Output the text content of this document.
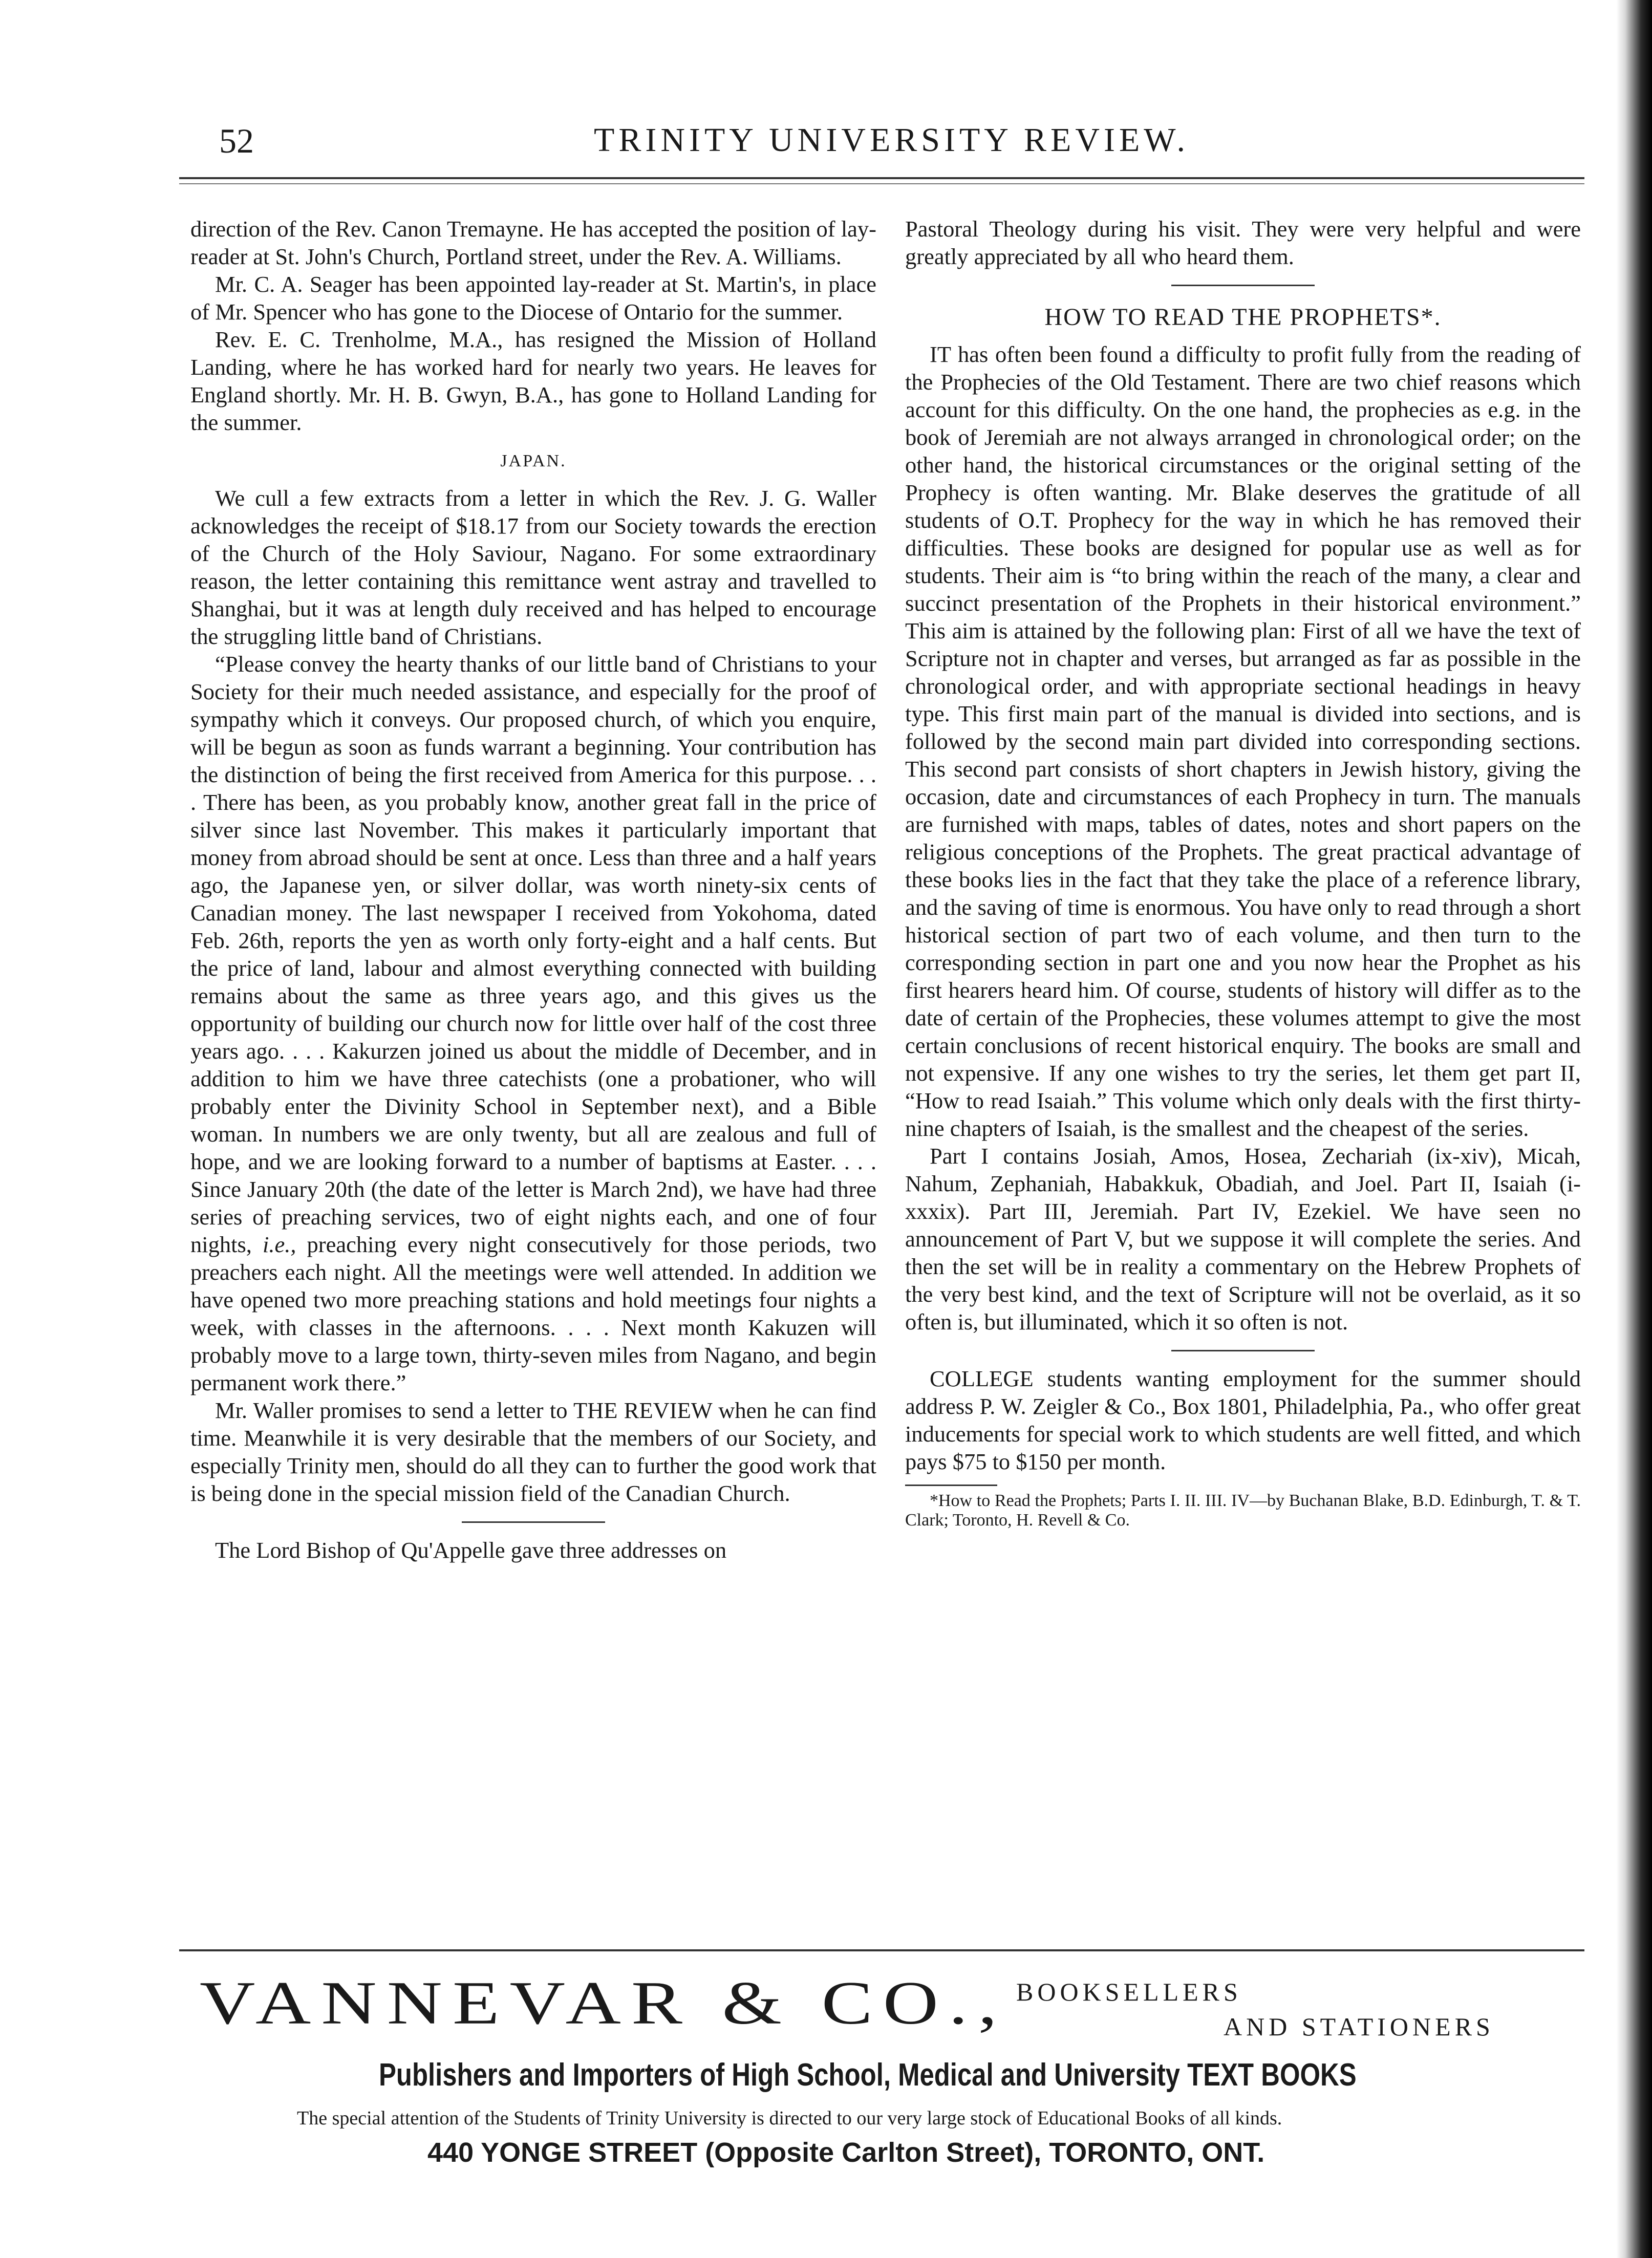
52	TRINITY UNIVERSITY REVIEW.

direction of the Rev. Canon Tremayne. He has accepted the position of lay-reader at St. John's Church, Portland street, under the Rev. A. Williams.

Mr. C. A. Seager has been appointed lay-reader at St. Martin's, in place of Mr. Spencer who has gone to the Diocese of Ontario for the summer.

Rev. E. C. Trenholme, M.A., has resigned the Mission of Holland Landing, where he has worked hard for nearly two years. He leaves for England shortly. Mr. H. B. Gwyn, B.A., has gone to Holland Landing for the summer.

JAPAN.

We cull a few extracts from a letter in which the Rev. J. G. Waller acknowledges the receipt of $18.17 from our Society towards the erection of the Church of the Holy Saviour, Nagano. For some extraordinary reason, the letter containing this remittance went astray and travelled to Shanghai, but it was at length duly received and has helped to encourage the struggling little band of Christians.

“Please convey the hearty thanks of our little band of Christians to your Society for their much needed assistance, and especially for the proof of sympathy which it conveys. Our proposed church, of which you enquire, will be begun as soon as funds warrant a beginning. Your contribution has the distinction of being the first received from America for this purpose. . . . There has been, as you probably know, another great fall in the price of silver since last November. This makes it particularly important that money from abroad should be sent at once. Less than three and a half years ago, the Japanese yen, or silver dollar, was worth ninety-six cents of Canadian money. The last newspaper I received from Yokohoma, dated Feb. 26th, reports the yen as worth only forty-eight and a half cents. But the price of land, labour and almost everything connected with building remains about the same as three years ago, and this gives us the opportunity of building our church now for little over half of the cost three years ago. . . . Kakurzen joined us about the middle of December, and in addition to him we have three catechists (one a probationer, who will probably enter the Divinity School in September next), and a Bible woman. In numbers we are only twenty, but all are zealous and full of hope, and we are looking forward to a number of baptisms at Easter. . . . Since January 20th (the date of the letter is March 2nd), we have had three series of preaching services, two of eight nights each, and one of four nights, i.e., preaching every night consecutively for those periods, two preachers each night. All the meetings were well attended. In addition we have opened two more preaching stations and hold meetings four nights a week, with classes in the afternoons. . . . Next month Kakuzen will probably move to a large town, thirty-seven miles from Nagano, and begin permanent work there.”

Mr. Waller promises to send a letter to THE REVIEW when he can find time. Meanwhile it is very desirable that the members of our Society, and especially Trinity men, should do all they can to further the good work that is being done in the special mission field of the Canadian Church.

The Lord Bishop of Qu'Appelle gave three addresses on

Pastoral Theology during his visit. They were very helpful and were greatly appreciated by all who heard them.

HOW TO READ THE PROPHETS*.

IT has often been found a difficulty to profit fully from the reading of the Prophecies of the Old Testament. There are two chief reasons which account for this difficulty. On the one hand, the prophecies as e.g. in the book of Jeremiah are not always arranged in chronological order; on the other hand, the historical circumstances or the original setting of the Prophecy is often wanting. Mr. Blake deserves the gratitude of all students of O.T. Prophecy for the way in which he has removed their difficulties. These books are designed for popular use as well as for students. Their aim is “to bring within the reach of the many, a clear and succinct presentation of the Prophets in their historical environment.” This aim is attained by the following plan: First of all we have the text of Scripture not in chapter and verses, but arranged as far as possible in the chronological order, and with appropriate sectional headings in heavy type. This first main part of the manual is divided into sections, and is followed by the second main part divided into corresponding sections. This second part consists of short chapters in Jewish history, giving the occasion, date and circumstances of each Prophecy in turn. The manuals are furnished with maps, tables of dates, notes and short papers on the religious conceptions of the Prophets. The great practical advantage of these books lies in the fact that they take the place of a reference library, and the saving of time is enormous. You have only to read through a short historical section of part two of each volume, and then turn to the corresponding section in part one and you now hear the Prophet as his first hearers heard him. Of course, students of history will differ as to the date of certain of the Prophecies, these volumes attempt to give the most certain conclusions of recent historical enquiry. The books are small and not expensive. If any one wishes to try the series, let them get part II, “How to read Isaiah.” This volume which only deals with the first thirty-nine chapters of Isaiah, is the smallest and the cheapest of the series.

Part I contains Josiah, Amos, Hosea, Zechariah (ix-xiv), Micah, Nahum, Zephaniah, Habakkuk, Obadiah, and Joel. Part II, Isaiah (i-xxxix). Part III, Jeremiah. Part IV, Ezekiel. We have seen no announcement of Part V, but we suppose it will complete the series. And then the set will be in reality a commentary on the Hebrew Prophets of the very best kind, and the text of Scripture will not be overlaid, as it so often is, but illuminated, which it so often is not.

COLLEGE students wanting employment for the summer should address P. W. Zeigler & Co., Box 1801, Philadelphia, Pa., who offer great inducements for special work to which students are well fitted, and which pays $75 to $150 per month.

*How to Read the Prophets; Parts I. II. III. IV—by Buchanan Blake, B.D. Edinburgh, T. & T. Clark; Toronto, H. Revell & Co.

VANNEVAR & CO., BOOKSELLERS
AND STATIONERS
Publishers and Importers of High School, Medical and University TEXT BOOKS
The special attention of the Students of Trinity University is directed to our very large stock of Educational Books of all kinds.
440 YONGE STREET (Opposite Carlton Street), TORONTO, ONT.
